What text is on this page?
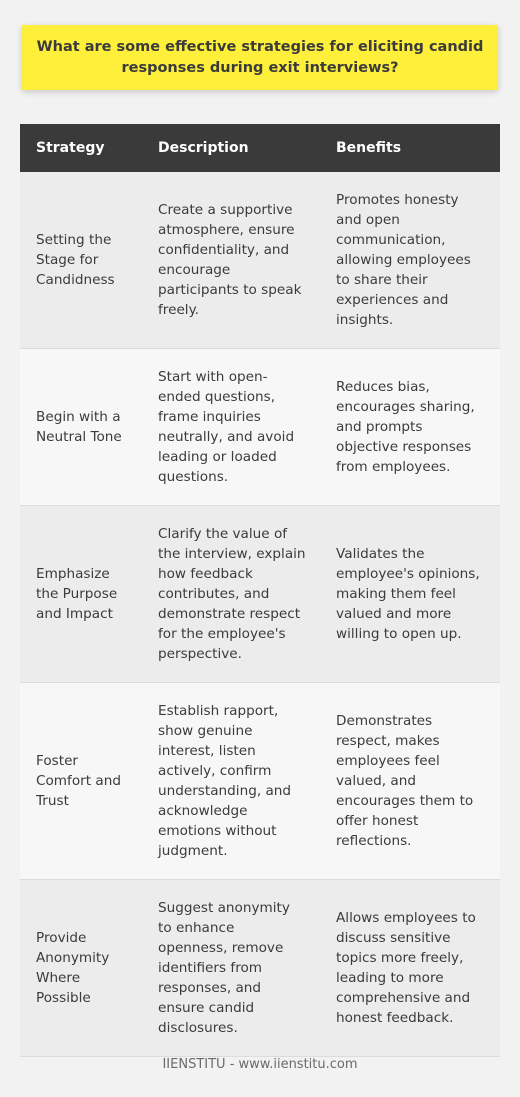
What are some effective strategies for eliciting candid responses during exit interviews?
Strategy	Description	Benefits
Setting the Stage for Candidness	Create a supportive atmosphere, ensure confidentiality, and encourage participants to speak freely.	Promotes honesty and open communication, allowing employees to share their experiences and insights.
Begin with a Neutral Tone	Start with open-ended questions, frame inquiries neutrally, and avoid leading or loaded questions.	Reduces bias, encourages sharing, and prompts objective responses from employees.
Emphasize the Purpose and Impact	Clarify the value of the interview, explain how feedback contributes, and demonstrate respect for the employee's perspective.	Validates the employee's opinions, making them feel valued and more willing to open up.
Foster Comfort and Trust	Establish rapport, show genuine interest, listen actively, confirm understanding, and acknowledge emotions without judgment.	Demonstrates respect, makes employees feel valued, and encourages them to offer honest reflections.
Provide Anonymity Where Possible	Suggest anonymity to enhance openness, remove identifiers from responses, and ensure candid disclosures.	Allows employees to discuss sensitive topics more freely, leading to more comprehensive and honest feedback.
IIENSTITU - www.iienstitu.com
